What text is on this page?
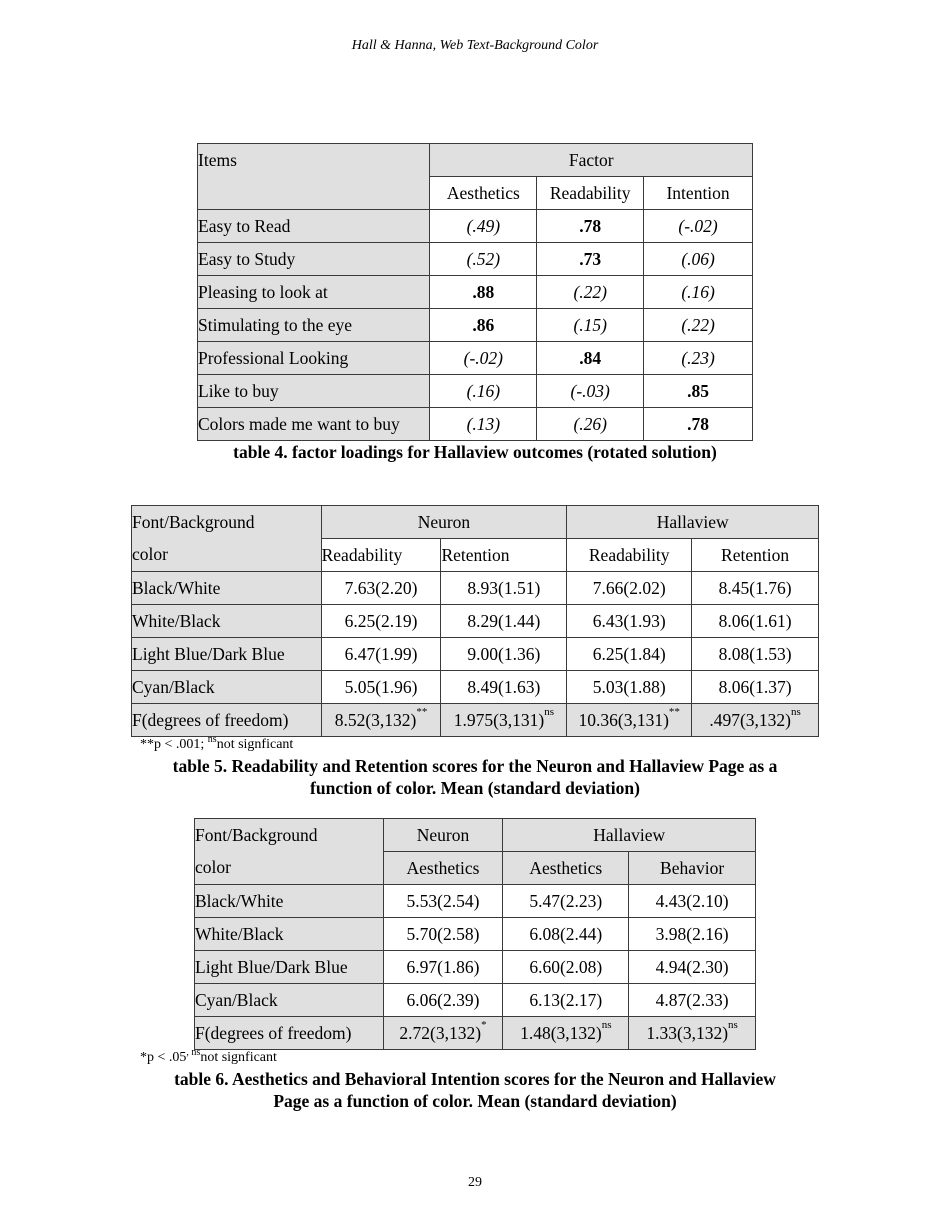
Hall & Hanna, Web Text-Background Color
Items	Factor		
	Aesthetics	Readability	Intention
Easy to Read	(.49)	.78	(-.02)
Easy to Study	(.52)	.73	(.06)
Pleasing to look at	.88	(.22)	(.16)
Stimulating to the eye	.86	(.15)	(.22)
Professional Looking	(-.02)	.84	(.23)
Like to buy	(.16)	(-.03)	.85
Colors made me want to buy	(.13)	(.26)	.78
table 4. factor loadings for Hallaview outcomes (rotated solution)
Font/Background	Neuron		Hallaview	
color	Readability	Retention	Readability	Retention
Black/White	7.63(2.20)	8.93(1.51)	7.66(2.02)	8.45(1.76)
White/Black	6.25(2.19)	8.29(1.44)	6.43(1.93)	8.06(1.61)
Light Blue/Dark Blue	6.47(1.99)	9.00(1.36)	6.25(1.84)	8.08(1.53)
Cyan/Black	5.05(1.96)	8.49(1.63)	5.03(1.88)	8.06(1.37)
F(degrees of freedom)	8.52(3,132)**	$1.975(3,131)^{ns}$	10.36(3,131)**	$.497(3,132)^{ns}$
**p < .001; $^{ns}$not signficant
table 5. Readability and Retention scores for the Neuron and Hallaview Page as a
function of color. Mean (standard deviation)
Font/Background	Neuron	Hallaview	
color	Aesthetics	Aesthetics	Behavior
Black/White	5.53(2.54)	5.47(2.23)	4.43(2.10)
White/Black	5.70(2.58)	6.08(2.44)	3.98(2.16)
Light Blue/Dark Blue	6.97(1.86)	6.60(2.08)	4.94(2.30)
Cyan/Black	6.06(2.39)	6.13(2.17)	4.87(2.33)
F(degrees of freedom)	2.72(3,132)*	$1.48(3,132)^{ns}$	$1.33(3,132)^{ns}$
$*p < .05^{, ns}not$ signficant
table 6. Aesthetics and Behavioral Intention scores for the Neuron and Hallaview
Page as a function of color. Mean (standard deviation)
29
